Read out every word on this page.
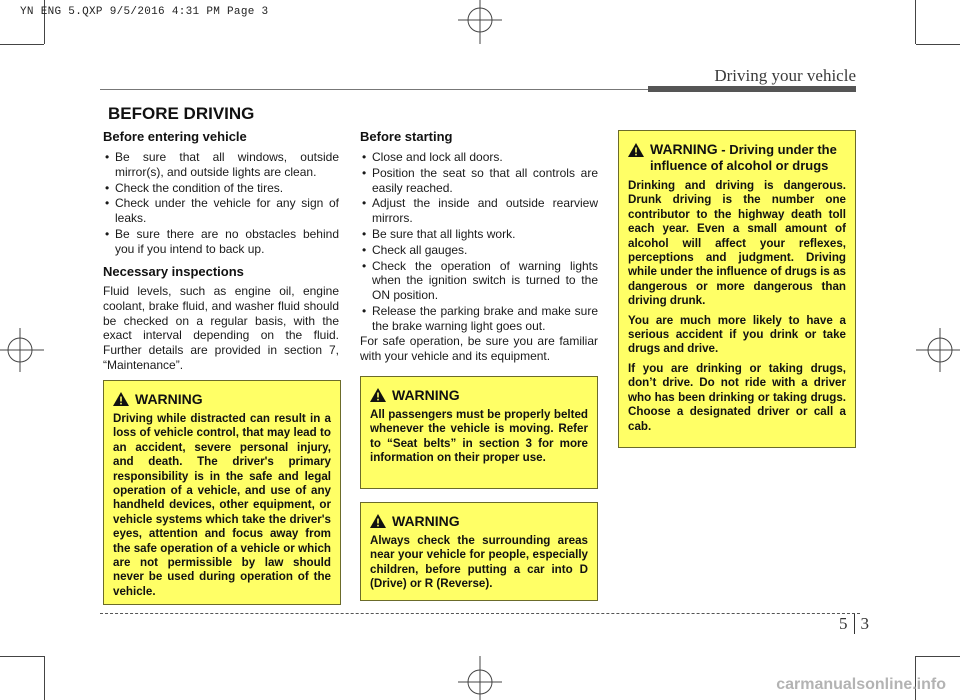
YN ENG 5.QXP 9/5/2016 4:31 PM Page 3
Driving your vehicle
BEFORE DRIVING
Before entering vehicle
• Be sure that all windows, outside mirror(s), and outside lights are clean.
• Check the condition of the tires.
• Check under the vehicle for any sign of leaks.
• Be sure there are no obstacles behind you if you intend to back up.
Necessary inspections

Fluid levels, such as engine oil, engine coolant, brake fluid, and washer fluid should be checked on a regular basis, with the exact interval depending on the fluid. Further details are provided in section 7, “Maintenance”.

Before starting
• Close and lock all doors.
• Position the seat so that all controls are easily reached.
• Adjust the inside and outside rearview mirrors.
• Be sure that all lights work.
• Check all gauges.
• Check the operation of warning lights when the ignition switch is turned to the ON position.
• Release the parking brake and make sure the brake warning light goes out.

For safe operation, be sure you are familiar with your vehicle and its equipment.

WARNING

Driving while distracted can result in a loss of vehicle control, that may lead to an accident, severe personal injury, and death. The driver's primary responsibility is in the safe and legal operation of a vehicle, and use of any handheld devices, other equipment, or vehicle systems which take the driver's eyes, attention and focus away from the safe operation of a vehicle or which are not permissible by law should never be used during operation of the vehicle.

WARNING

All passengers must be properly belted whenever the vehicle is moving. Refer to “Seat belts” in section 3 for more information on their proper use.

WARNING

Always check the surrounding areas near your vehicle for people, especially children, before putting a car into D (Drive) or R (Reverse).

WARNING - Driving under the influence of alcohol or drugs

Drinking and driving is dangerous. Drunk driving is the number one contributor to the highway death toll each year. Even a small amount of alcohol will affect your reflexes, perceptions and judgment. Driving while under the influence of drugs is as dangerous or more dangerous than driving drunk.

You are much more likely to have a serious accident if you drink or take drugs and drive.

If you are drinking or taking drugs, don’t drive. Do not ride with a driver who has been drinking or taking drugs. Choose a designated driver or call a cab.

5 3
carmanualsonline.info
